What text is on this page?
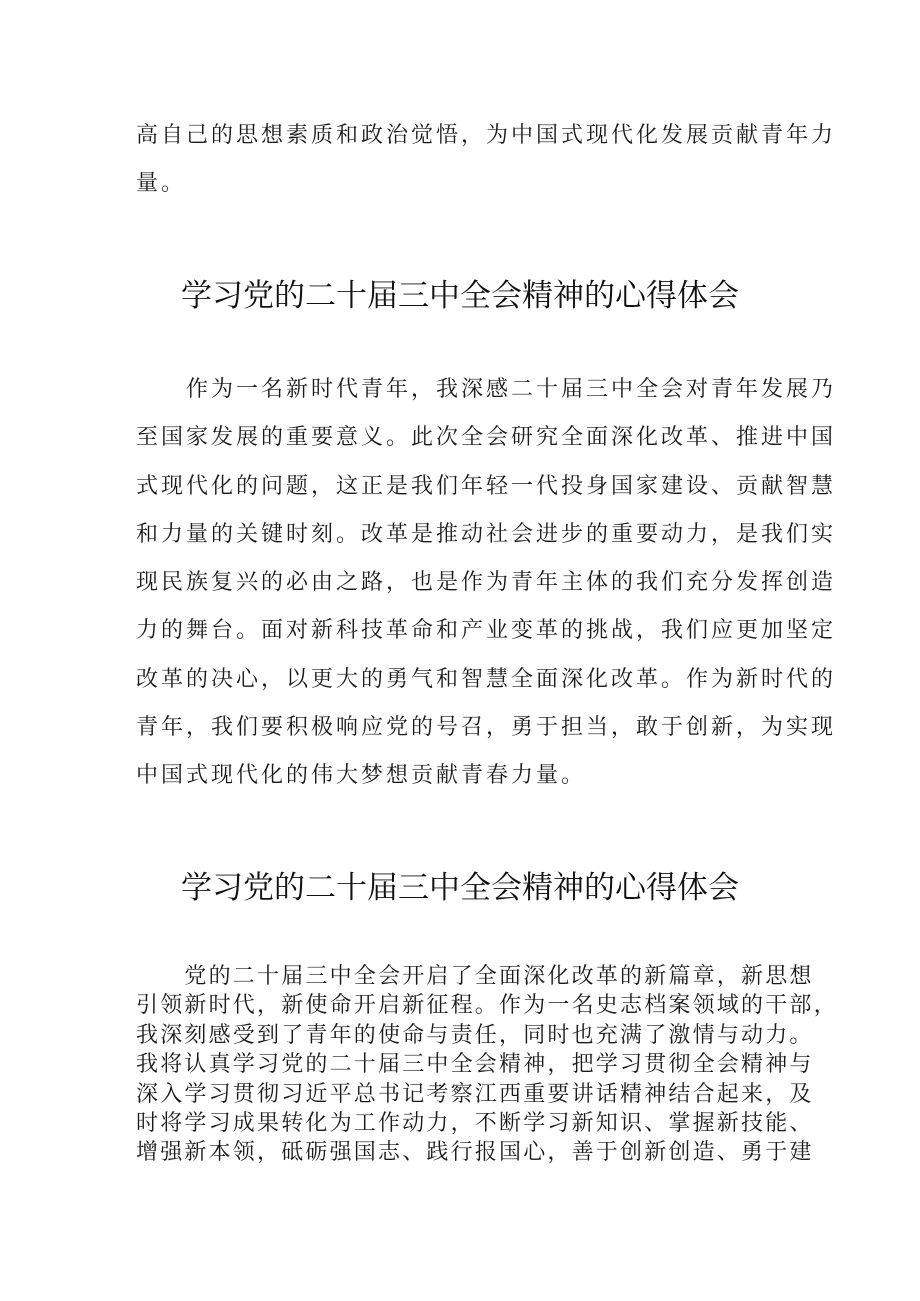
高自己的思想素质和政治觉悟，为中国式现代化发展贡献青年力
量。

学习党的二十届三中全会精神的心得体会

　　作为一名新时代青年，我深感二十届三中全会对青年发展乃
至国家发展的重要意义。此次全会研究全面深化改革、推进中国
式现代化的问题，这正是我们年轻一代投身国家建设、贡献智慧
和力量的关键时刻。改革是推动社会进步的重要动力，是我们实
现民族复兴的必由之路，也是作为青年主体的我们充分发挥创造
力的舞台。面对新科技革命和产业变革的挑战，我们应更加坚定
改革的决心，以更大的勇气和智慧全面深化改革。作为新时代的
青年，我们要积极响应党的号召，勇于担当，敢于创新，为实现
中国式现代化的伟大梦想贡献青春力量。

学习党的二十届三中全会精神的心得体会

　　党的二十届三中全会开启了全面深化改革的新篇章，新思想
引领新时代，新使命开启新征程。作为一名史志档案领域的干部，
我深刻感受到了青年的使命与责任，同时也充满了激情与动力。
我将认真学习党的二十届三中全会精神，把学习贯彻全会精神与
深入学习贯彻习近平总书记考察江西重要讲话精神结合起来，及
时将学习成果转化为工作动力，不断学习新知识、掌握新技能、
增强新本领，砥砺强国志、践行报国心，善于创新创造、勇于建
